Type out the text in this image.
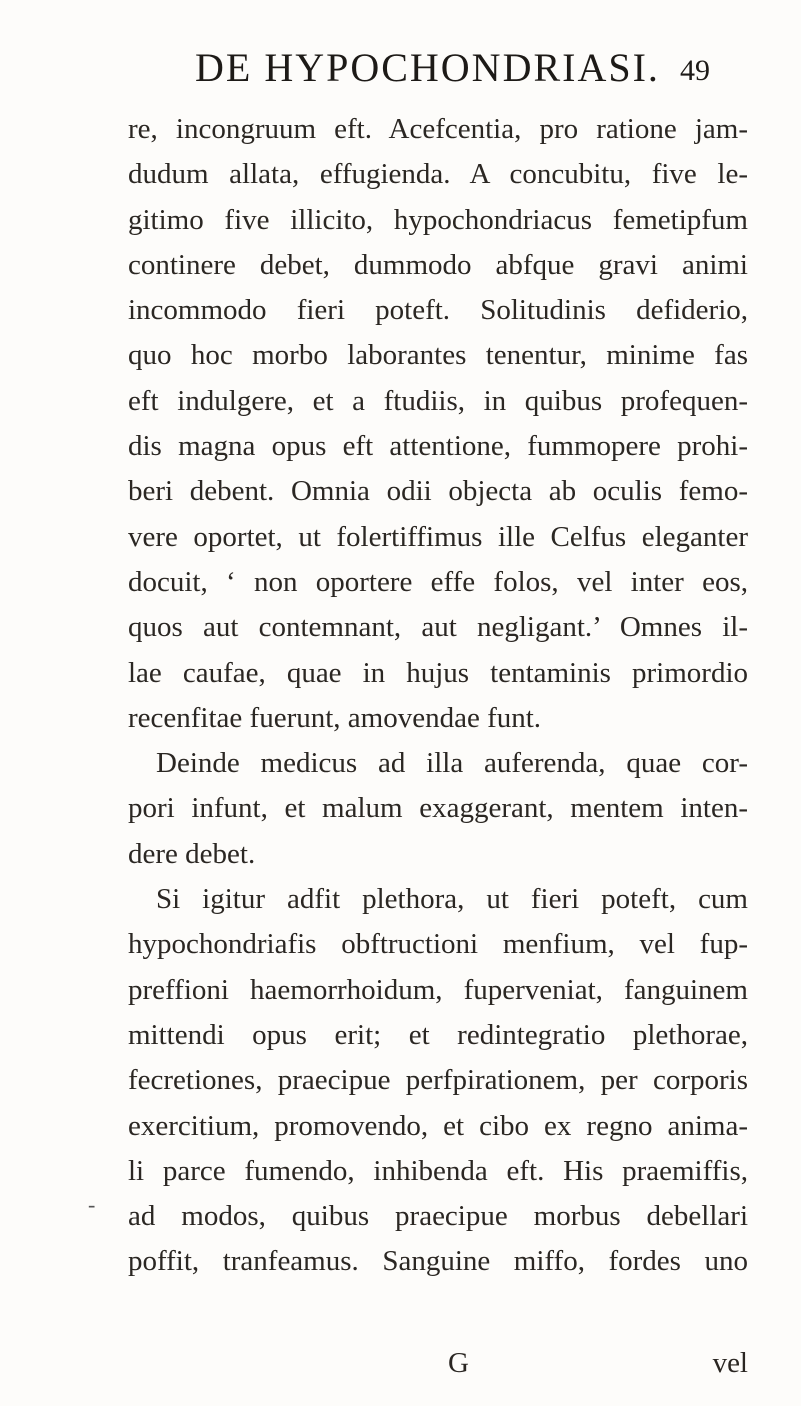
DE HYPOCHONDRIASI. 49
-
re, incongruum eft. Acefcentia, pro ratione jam-
dudum allata, effugienda. A concubitu, five le-
gitimo five illicito, hypochondriacus femetipfum
continere debet, dummodo abfque gravi animi
incommodo fieri poteft. Solitudinis defiderio,
quo hoc morbo laborantes tenentur, minime fas
eft indulgere, et a ftudiis, in quibus profequen-
dis magna opus eft attentione, fummopere prohi-
beri debent. Omnia odii objecta ab oculis femo-
vere oportet, ut folertiffimus ille Celfus eleganter
docuit, ‘ non oportere effe folos, vel inter eos,
quos aut contemnant, aut negligant.’ Omnes il-
lae caufae, quae in hujus tentaminis primordio
recenfitae fuerunt, amovendae funt.
Deinde medicus ad illa auferenda, quae cor-
pori infunt, et malum exaggerant, mentem inten-
dere debet.
Si igitur adfit plethora, ut fieri poteft, cum
hypochondriafis obftructioni menfium, vel fup-
preffioni haemorrhoidum, fuperveniat, fanguinem
mittendi opus erit; et redintegratio plethorae,
fecretiones, praecipue perfpirationem, per corporis
exercitium, promovendo, et cibo ex regno anima-
li parce fumendo, inhibenda eft. His praemiffis,
ad modos, quibus praecipue morbus debellari
poffit, tranfeamus. Sanguine miffo, fordes uno
G	vel
